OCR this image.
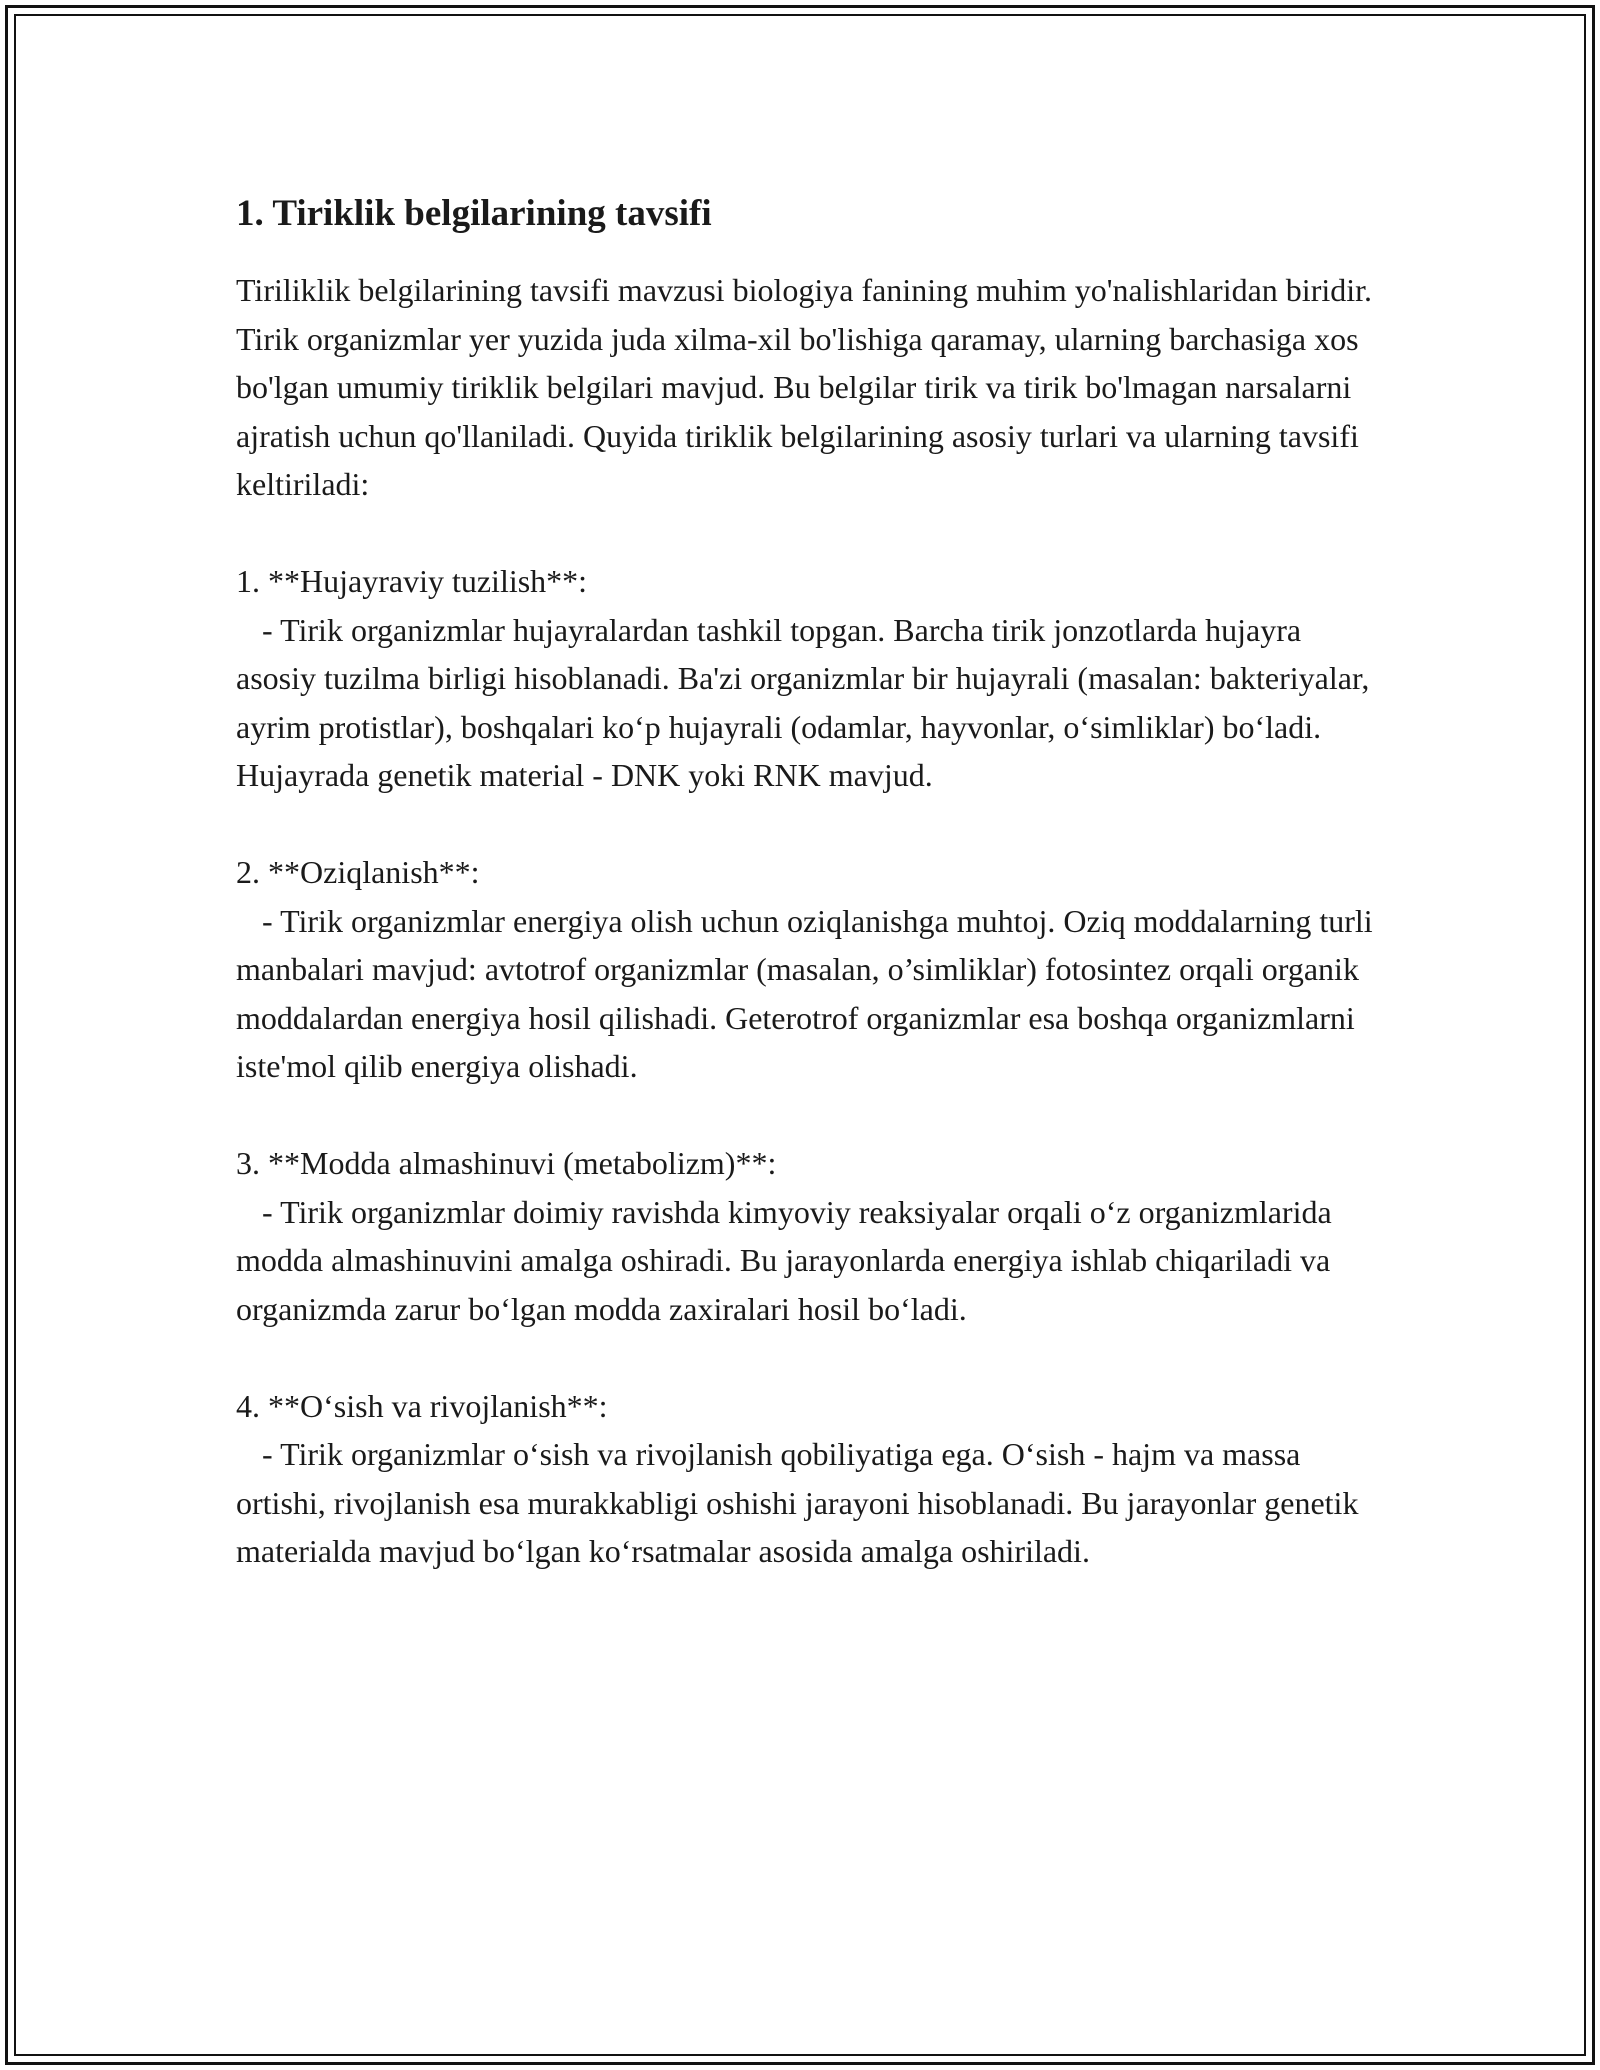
1. Tiriklik belgilarining tavsifi

Tiriliklik belgilarining tavsifi mavzusi biologiya fanining muhim yo'nalishlaridan biridir. Tirik organizmlar yer yuzida juda xilma-xil bo'lishiga qaramay, ularning barchasiga xos bo'lgan umumiy tiriklik belgilari mavjud. Bu belgilar tirik va tirik bo'lmagan narsalarni ajratish uchun qo'llaniladi. Quyida tiriklik belgilarining asosiy turlari va ularning tavsifi keltiriladi:

1. **Hujayraviy tuzilish**:

- Tirik organizmlar hujayralardan tashkil topgan. Barcha tirik jonzotlarda hujayra asosiy tuzilma birligi hisoblanadi. Ba'zi organizmlar bir hujayrali (masalan: bakteriyalar, ayrim protistlar), boshqalari ko‘p hujayrali (odamlar, hayvonlar, o‘simliklar) bo‘ladi. Hujayrada genetik material - DNK yoki RNK mavjud.

2. **Oziqlanish**:

- Tirik organizmlar energiya olish uchun oziqlanishga muhtoj. Oziq moddalarning turli manbalari mavjud: avtotrof organizmlar (masalan, o’simliklar) fotosintez orqali organik moddalardan energiya hosil qilishadi. Geterotrof organizmlar esa boshqa organizmlarni iste'mol qilib energiya olishadi.

3. **Modda almashinuvi (metabolizm)**:

- Tirik organizmlar doimiy ravishda kimyoviy reaksiyalar orqali o‘z organizmlarida modda almashinuvini amalga oshiradi. Bu jarayonlarda energiya ishlab chiqariladi va organizmda zarur bo‘lgan modda zaxiralari hosil bo‘ladi.

4. **O‘sish va rivojlanish**:

- Tirik organizmlar o‘sish va rivojlanish qobiliyatiga ega. O‘sish - hajm va massa ortishi, rivojlanish esa murakkabligi oshishi jarayoni hisoblanadi. Bu jarayonlar genetik materialda mavjud bo‘lgan ko‘rsatmalar asosida amalga oshiriladi.
